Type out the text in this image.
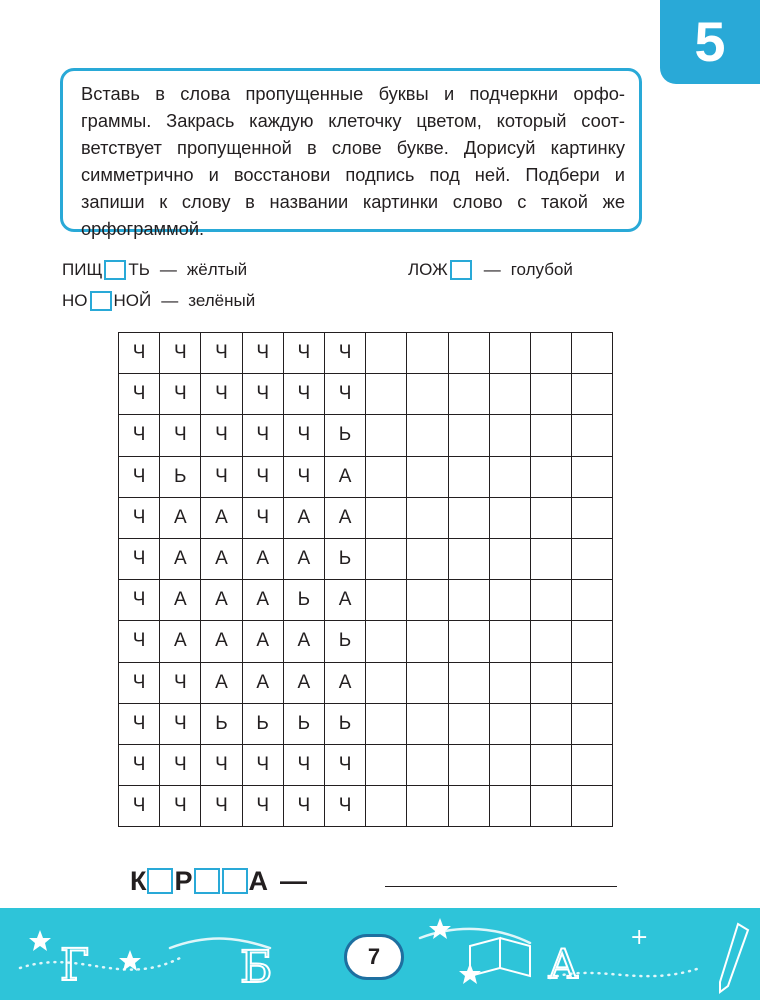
5
Вставь в слова пропущенные буквы и подчеркни орфо-
граммы. Закрась каждую клеточку цветом, который соот-
ветствует пропущенной в слове букве. Дорисуй картинку
симметрично и восстанови подпись под ней. Подбери и
запиши к слову в названии картинки слово с такой же
орфограммой.
ПИЩ ТЬ — жёлтый	ЛОЖ — голубой
НО НОЙ — зелёный
Ч	Ч	Ч	Ч	Ч	Ч						
Ч	Ч	Ч	Ч	Ч	Ч						
Ч	Ч	Ч	Ч	Ч	Ь						
Ч	Ь	Ч	Ч	Ч	А						
Ч	А	А	Ч	А	А						
Ч	А	А	А	А	Ь						
Ч	А	А	А	Ь	А						
Ч	А	А	А	А	Ь						
Ч	Ч	А	А	А	А						
Ч	Ч	Ь	Ь	Ь	Ь						
Ч	Ч	Ч	Ч	Ч	Ч						
Ч	Ч	Ч	Ч	Ч	Ч						
К Р А —
Г	Б	А
+
7
